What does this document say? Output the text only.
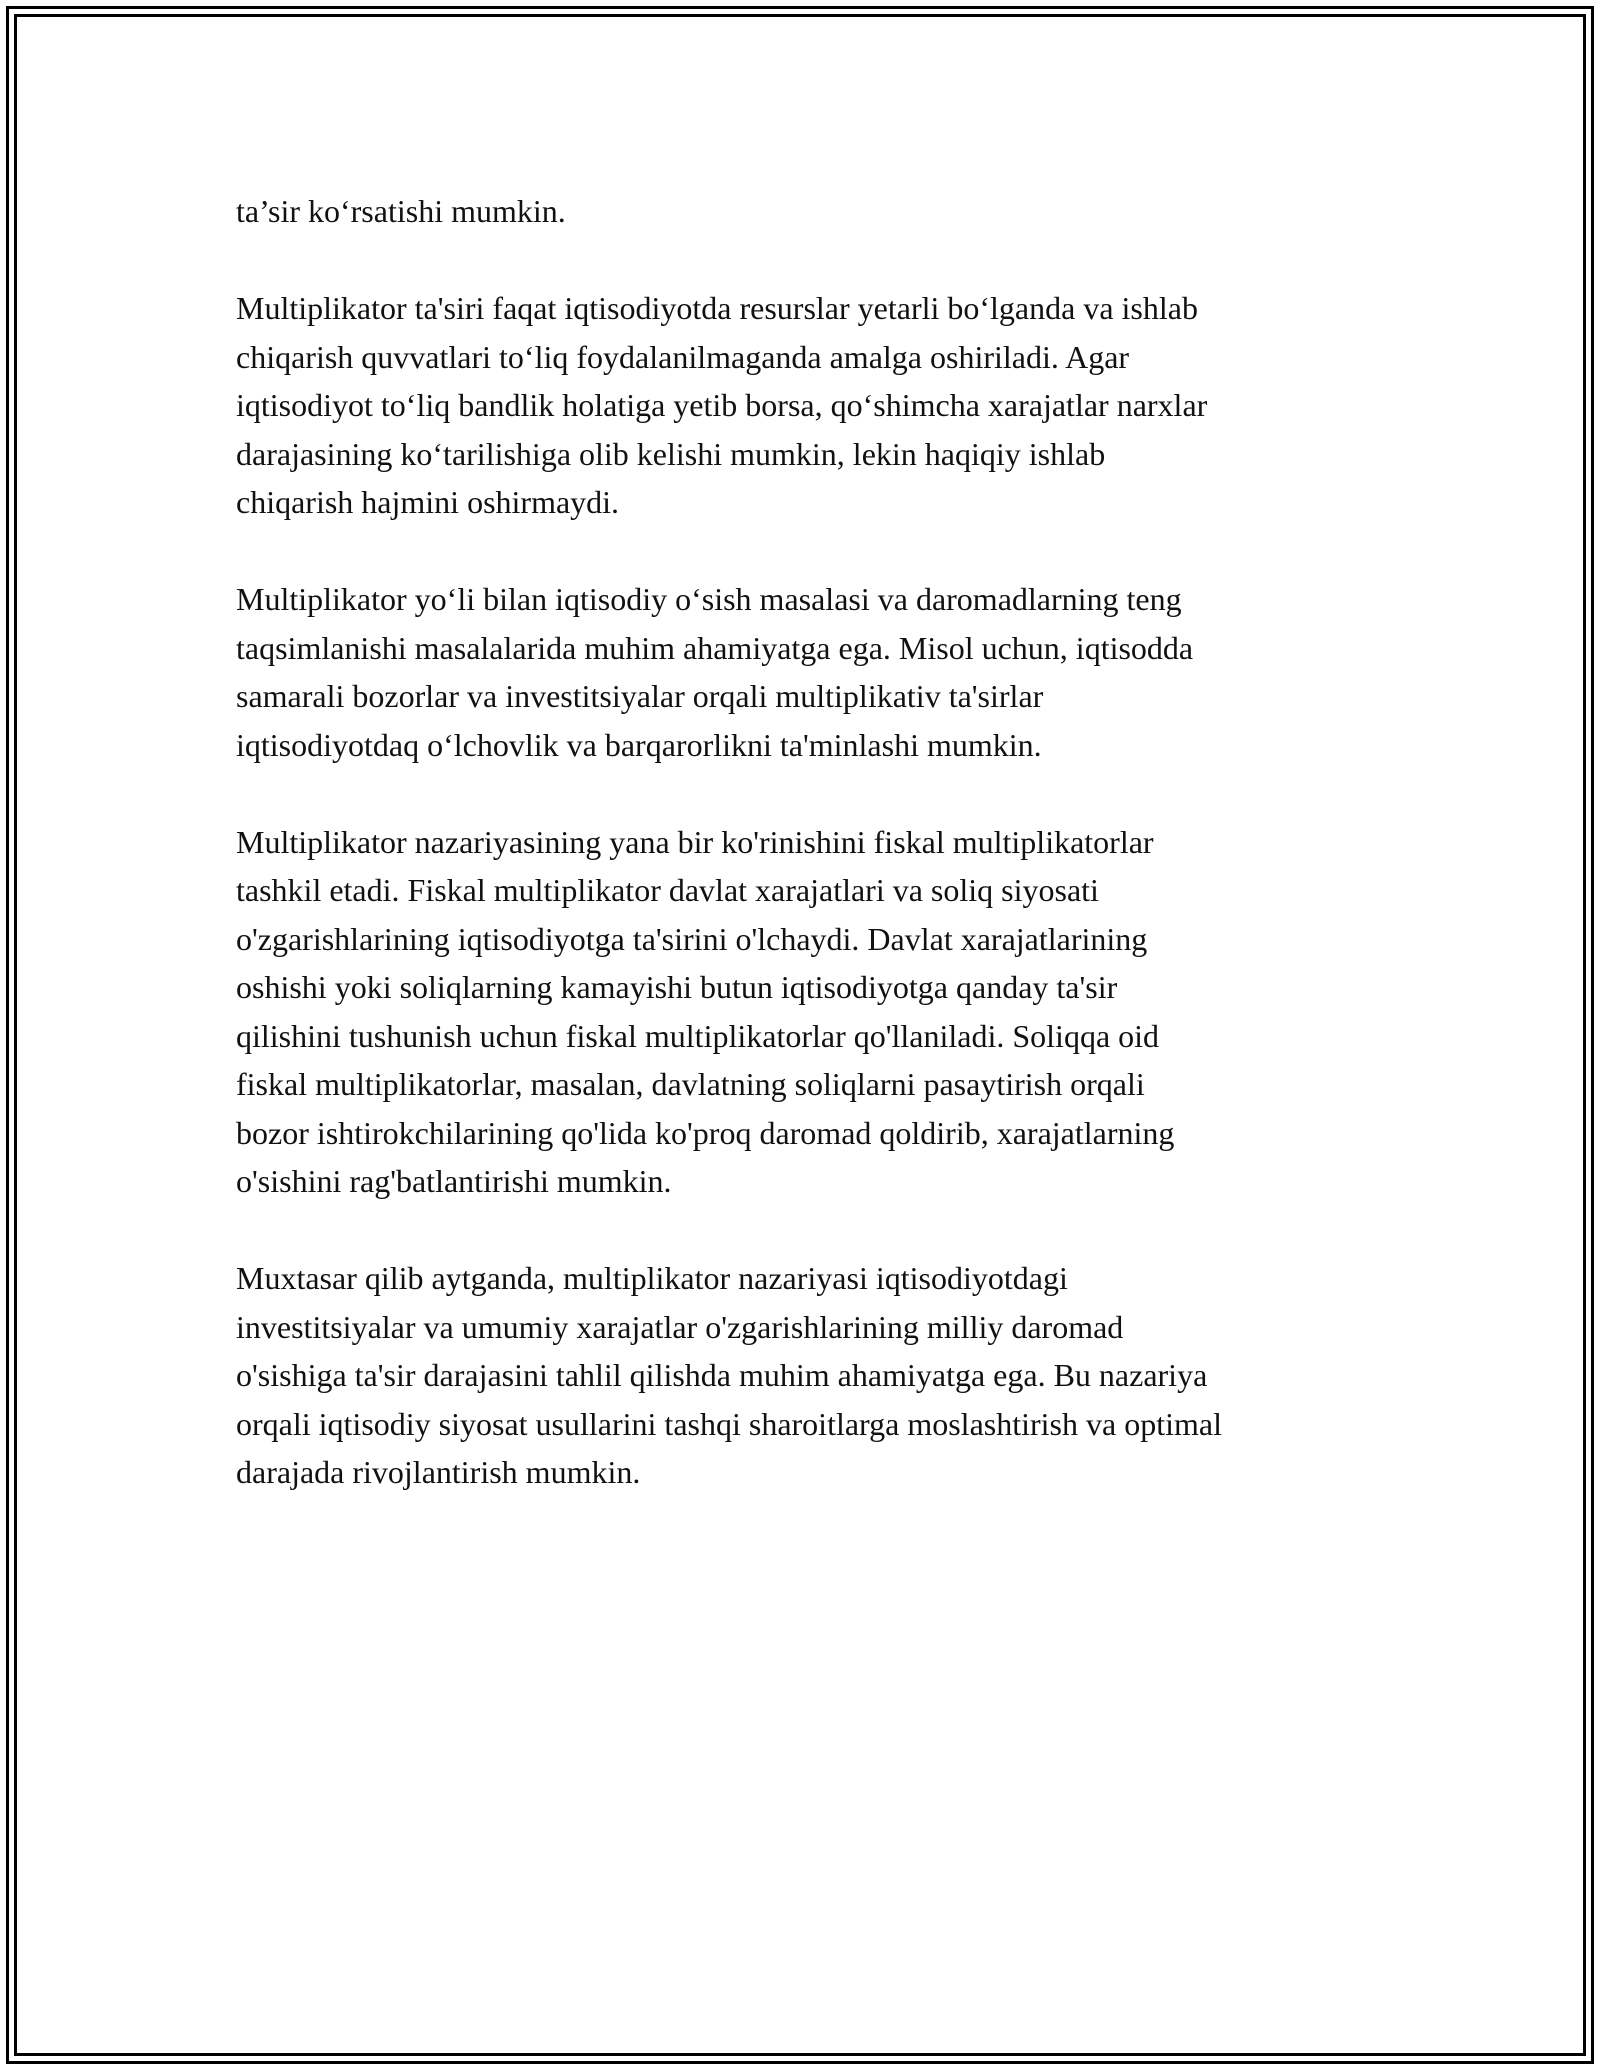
ta’sir ko‘rsatishi mumkin.

Multiplikator ta'siri faqat iqtisodiyotda resurslar yetarli bo‘lganda va ishlab
chiqarish quvvatlari to‘liq foydalanilmaganda amalga oshiriladi. Agar
iqtisodiyot to‘liq bandlik holatiga yetib borsa, qo‘shimcha xarajatlar narxlar
darajasining ko‘tarilishiga olib kelishi mumkin, lekin haqiqiy ishlab
chiqarish hajmini oshirmaydi.

Multiplikator yo‘li bilan iqtisodiy o‘sish masalasi va daromadlarning teng
taqsimlanishi masalalarida muhim ahamiyatga ega. Misol uchun, iqtisodda
samarali bozorlar va investitsiyalar orqali multiplikativ ta'sirlar
iqtisodiyotdaq o‘lchovlik va barqarorlikni ta'minlashi mumkin.

Multiplikator nazariyasining yana bir ko'rinishini fiskal multiplikatorlar
tashkil etadi. Fiskal multiplikator davlat xarajatlari va soliq siyosati
o'zgarishlarining iqtisodiyotga ta'sirini o'lchaydi. Davlat xarajatlarining
oshishi yoki soliqlarning kamayishi butun iqtisodiyotga qanday ta'sir
qilishini tushunish uchun fiskal multiplikatorlar qo'llaniladi. Soliqqa oid
fiskal multiplikatorlar, masalan, davlatning soliqlarni pasaytirish orqali
bozor ishtirokchilarining qo'lida ko'proq daromad qoldirib, xarajatlarning
o'sishini rag'batlantirishi mumkin.

Muxtasar qilib aytganda, multiplikator nazariyasi iqtisodiyotdagi
investitsiyalar va umumiy xarajatlar o'zgarishlarining milliy daromad
o'sishiga ta'sir darajasini tahlil qilishda muhim ahamiyatga ega. Bu nazariya
orqali iqtisodiy siyosat usullarini tashqi sharoitlarga moslashtirish va optimal
darajada rivojlantirish mumkin.
